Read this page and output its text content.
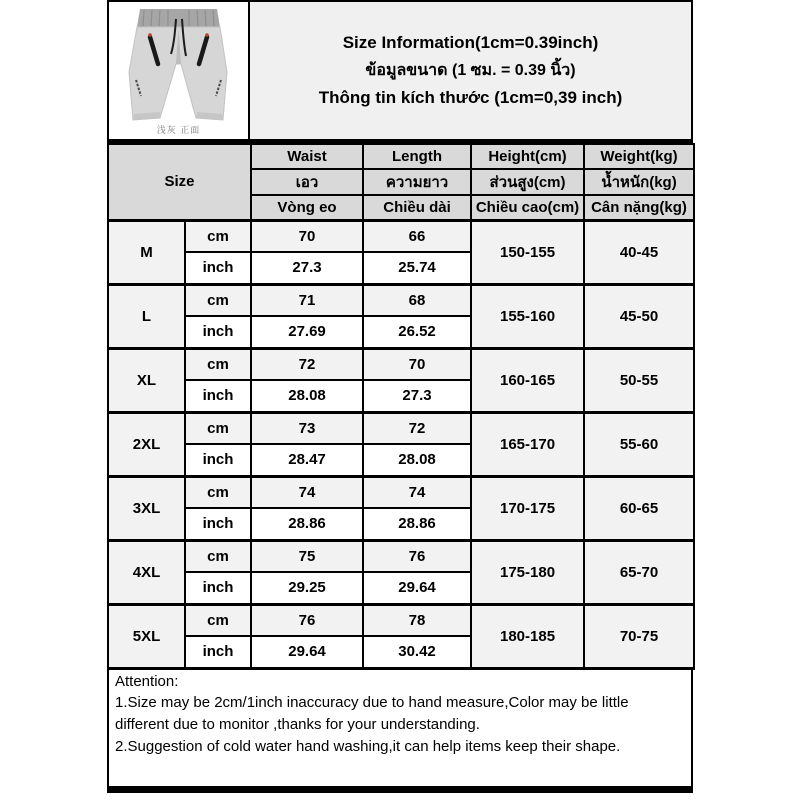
浅灰 正面
Size Information(1cm=0.39inch)
ข้อมูลขนาด (1 ซม. = 0.39 นิ้ว)
Thông tin kích thước (1cm=0,39 inch)
Size		Waist	Length	Height(cm)	Weight(kg)
		เอว	ความยาว	ส่วนสูง(cm)	น้ำหนัก(kg)
		Vòng eo	Chiều dài	Chiều cao(cm)	Cân nặng(kg)
M	cm	70	66	150-155	40-45
	inch	27.3	25.74		
L	cm	71	68	155-160	45-50
	inch	27.69	26.52		
XL	cm	72	70	160-165	50-55
	inch	28.08	27.3		
2XL	cm	73	72	165-170	55-60
	inch	28.47	28.08		
3XL	cm	74	74	170-175	60-65
	inch	28.86	28.86		
4XL	cm	75	76	175-180	65-70
	inch	29.25	29.64		
5XL	cm	76	78	180-185	70-75
	inch	29.64	30.42		
Attention:
1.Size may be 2cm/1inch inaccuracy due to hand measure,Color may be little different due to monitor ,thanks for your understanding.
2.Suggestion of cold water hand washing,it can help items keep their shape.
